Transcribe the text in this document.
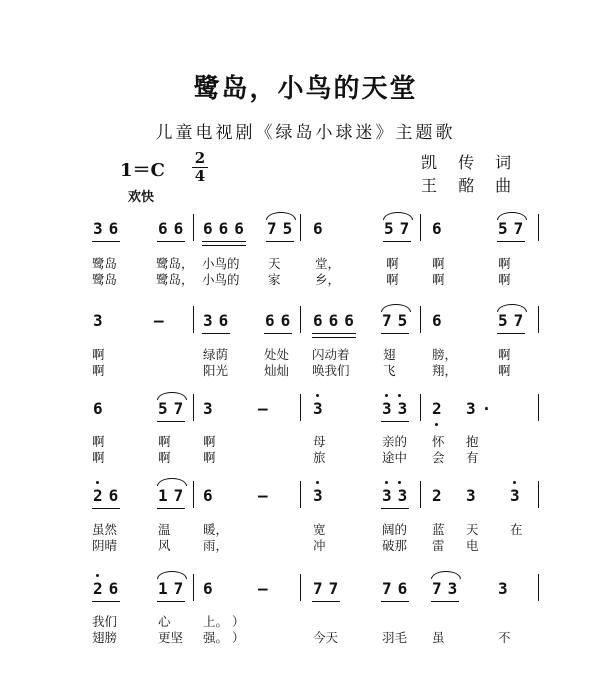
鹭岛，小鸟的天堂
儿童电视剧《绿岛小球迷》主题歌
1＝C
2
4
凯 传 词
王 酩 曲
欢快
36 66 666 75 6	57 6	57
鹭岛	鹭岛， 小鸟的 天	堂，	啊	啊	啊
鹭岛	鹭岛， 小鸟的 家	乡，	啊	啊	啊
3	— 36 66 666 75 6	57
啊	绿荫	处处 闪动着	翅	膀，	啊
啊	阳光	灿灿 唤我们	飞	翔，	啊
6	57 3 — 3	33 2 3·
啊	啊	啊	母	亲的 怀 抱
啊	啊	啊	旅	途中 会 有
26 17 6 — 3	33 2 3 3
虽然	温	暖，	宽	阔的 蓝 天	在
阴晴	风	雨，	冲	破那 雷 电
26 17 6 — 77 76 73 3
我们	心	上。 ）
翅膀	更坚 强。 ）	今天	羽毛 虽	不
